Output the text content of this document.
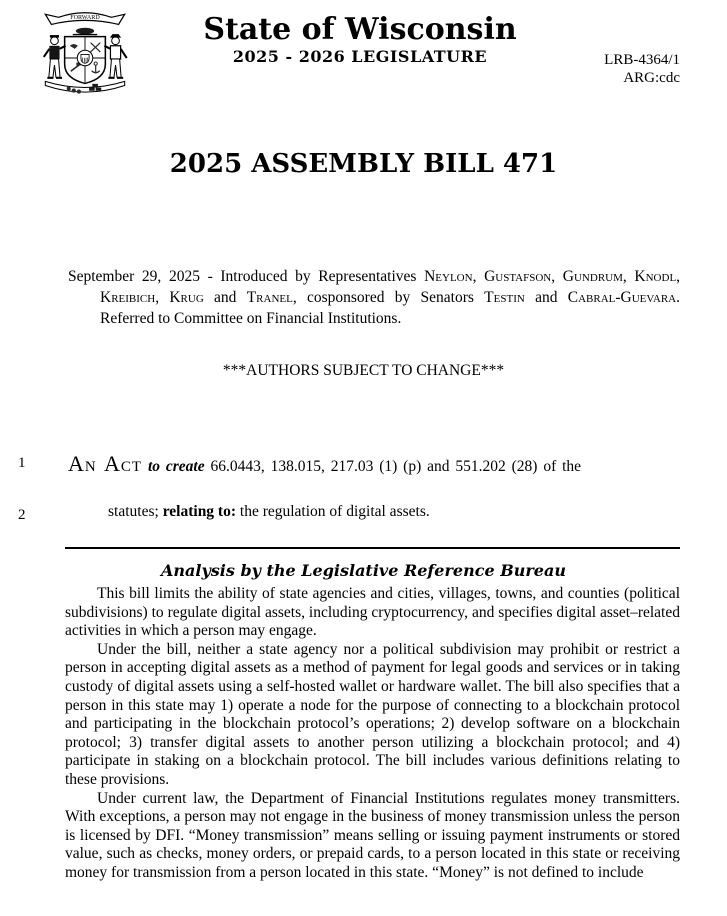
FORWARD	State of Wisconsin
2025 - 2026 LEGISLATURE	LRB-4364/1
ARG:cdc
2025 ASSEMBLY BILL 471
September 29, 2025 - Introduced by Representatives Neylon, Gustafson, Gundrum, Knodl, Kreibich, Krug and Tranel, cosponsored by Senators Testin and Cabral-Guevara. Referred to Committee on Financial Institutions.
***AUTHORS SUBJECT TO CHANGE***
1 An Act to create 66.0443, 138.015, 217.03 (1) (p) and 551.202 (28) of the
2	statutes; relating to: the regulation of digital assets.
Analysis by the Legislative Reference Bureau

This bill limits the ability of state agencies and cities, villages, towns, and counties (political subdivisions) to regulate digital assets, including cryptocurrency, and specifies digital asset–related activities in which a person may engage.

Under the bill, neither a state agency nor a political subdivision may prohibit or restrict a person in accepting digital assets as a method of payment for legal goods and services or in taking custody of digital assets using a self-hosted wallet or hardware wallet. The bill also specifies that a person in this state may 1) operate a node for the purpose of connecting to a blockchain protocol and participating in the blockchain protocol’s operations; 2) develop software on a blockchain protocol; 3) transfer digital assets to another person utilizing a blockchain protocol; and 4) participate in staking on a blockchain protocol. The bill includes various definitions relating to these provisions.

Under current law, the Department of Financial Institutions regulates money transmitters. With exceptions, a person may not engage in the business of money transmission unless the person is licensed by DFI. “Money transmission” means selling or issuing payment instruments or stored value, such as checks, money orders, or prepaid cards, to a person located in this state or receiving money for transmission from a person located in this state. “Money” is not defined to include
